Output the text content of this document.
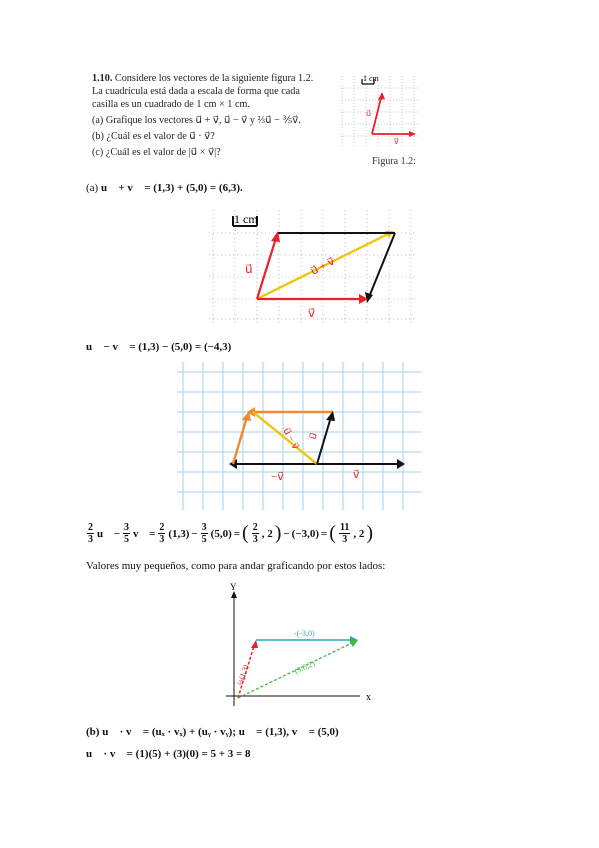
1.10. Considere los vectores de la siguiente figura 1.2. La cuadrícula está dada a escala de forma que cada casilla es un cuadrado de 1 cm × 1 cm.
(a) Grafique los vectores u⃗ + v⃗, u⃗ − v⃗ y ⅔u⃗ − ⅗v⃗.
(b) ¿Cuál es el valor de u⃗ · v⃗?
(c) ¿Cuál es el valor de |u⃗ × v⃗|?
1 cm
u⃗
v⃗
Figura 1.2:
(a) u⃗ + v⃗ = (1,3) + (5,0) = (6,3).
1 cm
u⃗
v⃗
u⃗ + v⃗
u⃗ − v⃗ = (1,3) − (5,0) = (−4,3)
u⃗ − v⃗ u⃗
−v⃗	v⃗
$\frac{2}{3}$ u⃗ − $\frac{3}{5}$ v⃗ = $\frac{2}{3} (1,3) - \frac{3}{5} (5,0)$ = ( $\frac{2}{3}$ , 2 ) − (−3,0) = ( $\frac{11}{3}$ , 2 )
Valores muy pequeños, como para andar graficando por estos lados:
Y
x
-(-3,0)
⅔(1,3)	(3.6,2)
(b) u⃗ · v⃗ = (uₓ · vₓ) + (uᵧ · vᵧ); u⃗ = (1,3), v⃗ = (5,0)
u⃗ · v⃗ = (1)(5) + (3)(0) = 5 + 3 = 8
